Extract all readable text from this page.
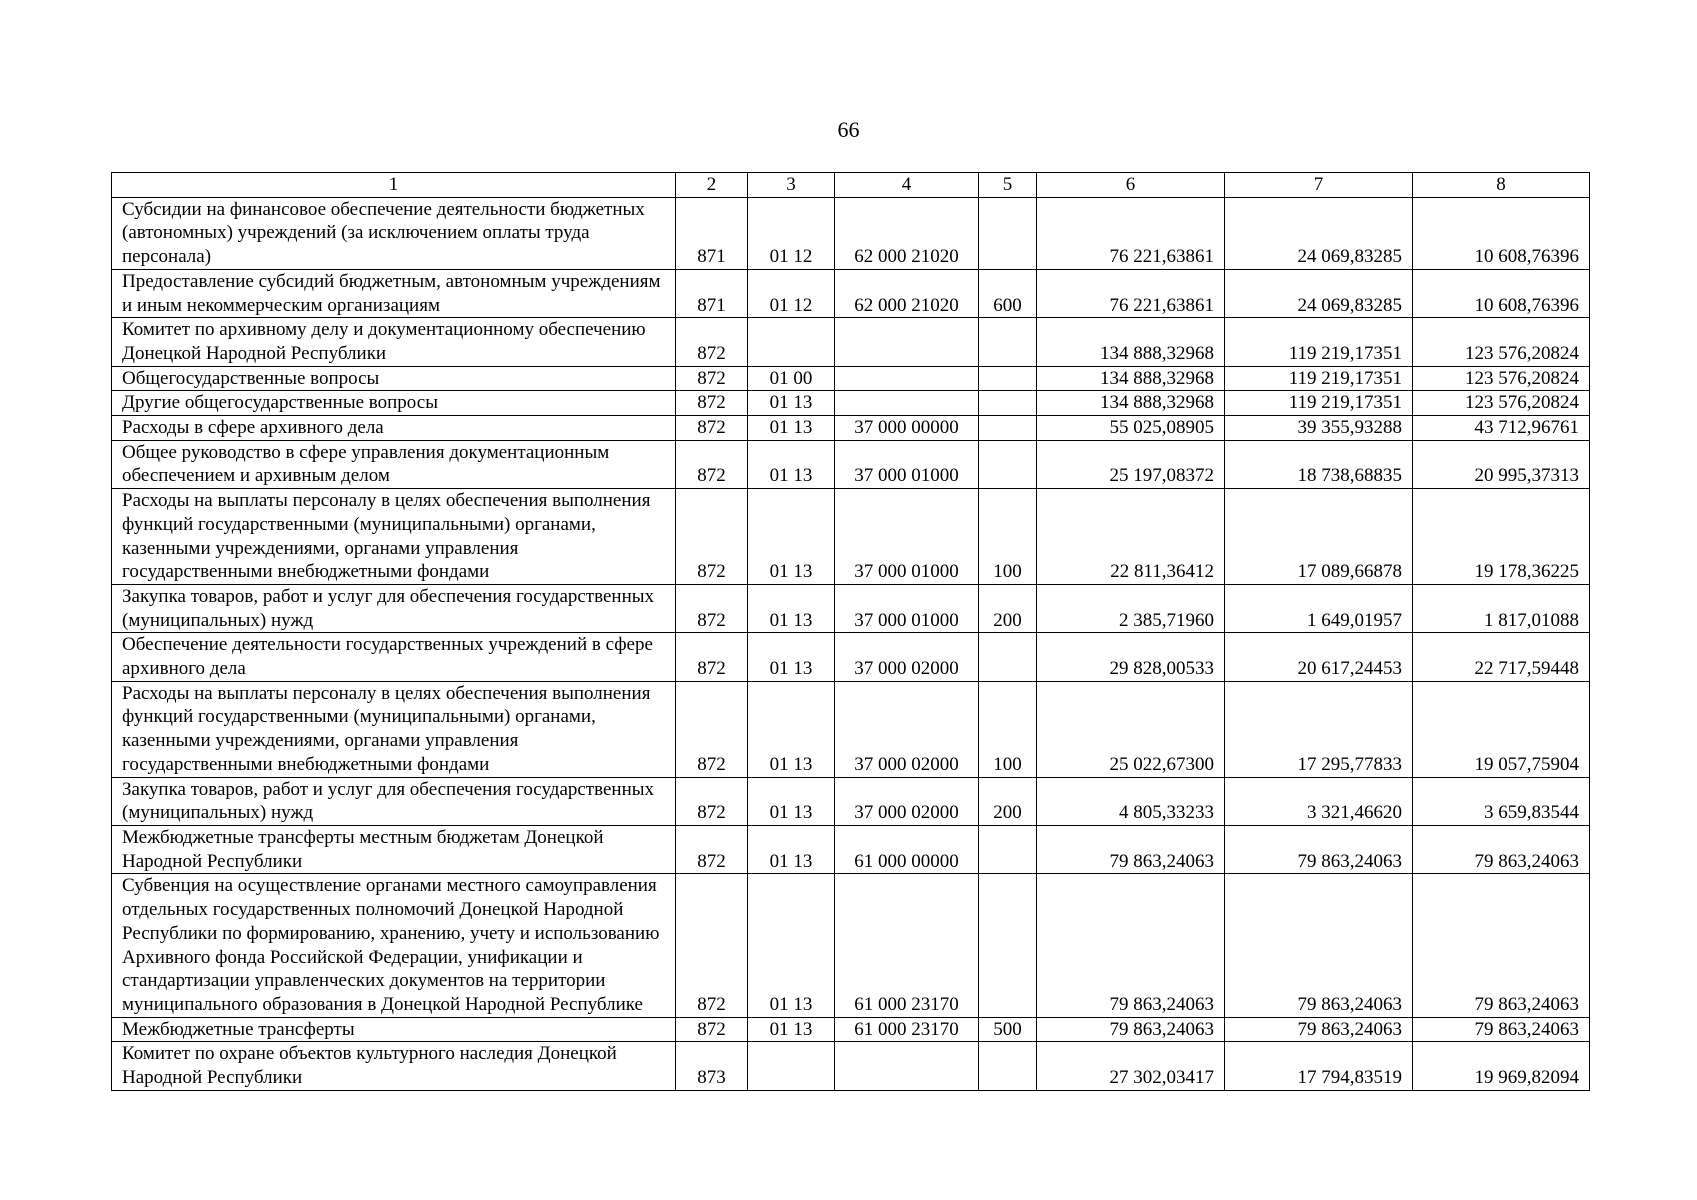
66
1	2	3	4	5	6	7	8
Субсидии на финансовое обеспечение деятельности бюджетных (автономных) учреждений (за исключением оплаты труда персонала)	871	01 12	62 000 21020		76 221,63861	24 069,83285	10 608,76396
Предоставление субсидий бюджетным, автономным учреждениям и иным некоммерческим организациям	871	01 12	62 000 21020	600	76 221,63861	24 069,83285	10 608,76396
Комитет по архивному делу и документационному обеспечению Донецкой Народной Республики	872				134 888,32968	119 219,17351	123 576,20824
Общегосударственные вопросы	872	01 00			134 888,32968	119 219,17351	123 576,20824
Другие общегосударственные вопросы	872	01 13			134 888,32968	119 219,17351	123 576,20824
Расходы в сфере архивного дела	872	01 13	37 000 00000		55 025,08905	39 355,93288	43 712,96761
Общее руководство в сфере управления документационным обеспечением и архивным делом	872	01 13	37 000 01000		25 197,08372	18 738,68835	20 995,37313
Расходы на выплаты персоналу в целях обеспечения выполнения функций государственными (муниципальными) органами, казенными учреждениями, органами управления государственными внебюджетными фондами	872	01 13	37 000 01000	100	22 811,36412	17 089,66878	19 178,36225
Закупка товаров, работ и услуг для обеспечения государственных (муниципальных) нужд	872	01 13	37 000 01000	200	2 385,71960	1 649,01957	1 817,01088
Обеспечение деятельности государственных учреждений в сфере архивного дела	872	01 13	37 000 02000		29 828,00533	20 617,24453	22 717,59448
Расходы на выплаты персоналу в целях обеспечения выполнения функций государственными (муниципальными) органами, казенными учреждениями, органами управления государственными внебюджетными фондами	872	01 13	37 000 02000	100	25 022,67300	17 295,77833	19 057,75904
Закупка товаров, работ и услуг для обеспечения государственных (муниципальных) нужд	872	01 13	37 000 02000	200	4 805,33233	3 321,46620	3 659,83544
Межбюджетные трансферты местным бюджетам Донецкой Народной Республики	872	01 13	61 000 00000		79 863,24063	79 863,24063	79 863,24063
Субвенция на осуществление органами местного самоуправления отдельных государственных полномочий Донецкой Народной Республики по формированию, хранению, учету и использованию Архивного фонда Российской Федерации, унификации и стандартизации управленческих документов на территории муниципального образования в Донецкой Народной Республике	872	01 13	61 000 23170		79 863,24063	79 863,24063	79 863,24063
Межбюджетные трансферты	872	01 13	61 000 23170	500	79 863,24063	79 863,24063	79 863,24063
Комитет по охране объектов культурного наследия Донецкой Народной Республики	873				27 302,03417	17 794,83519	19 969,82094
